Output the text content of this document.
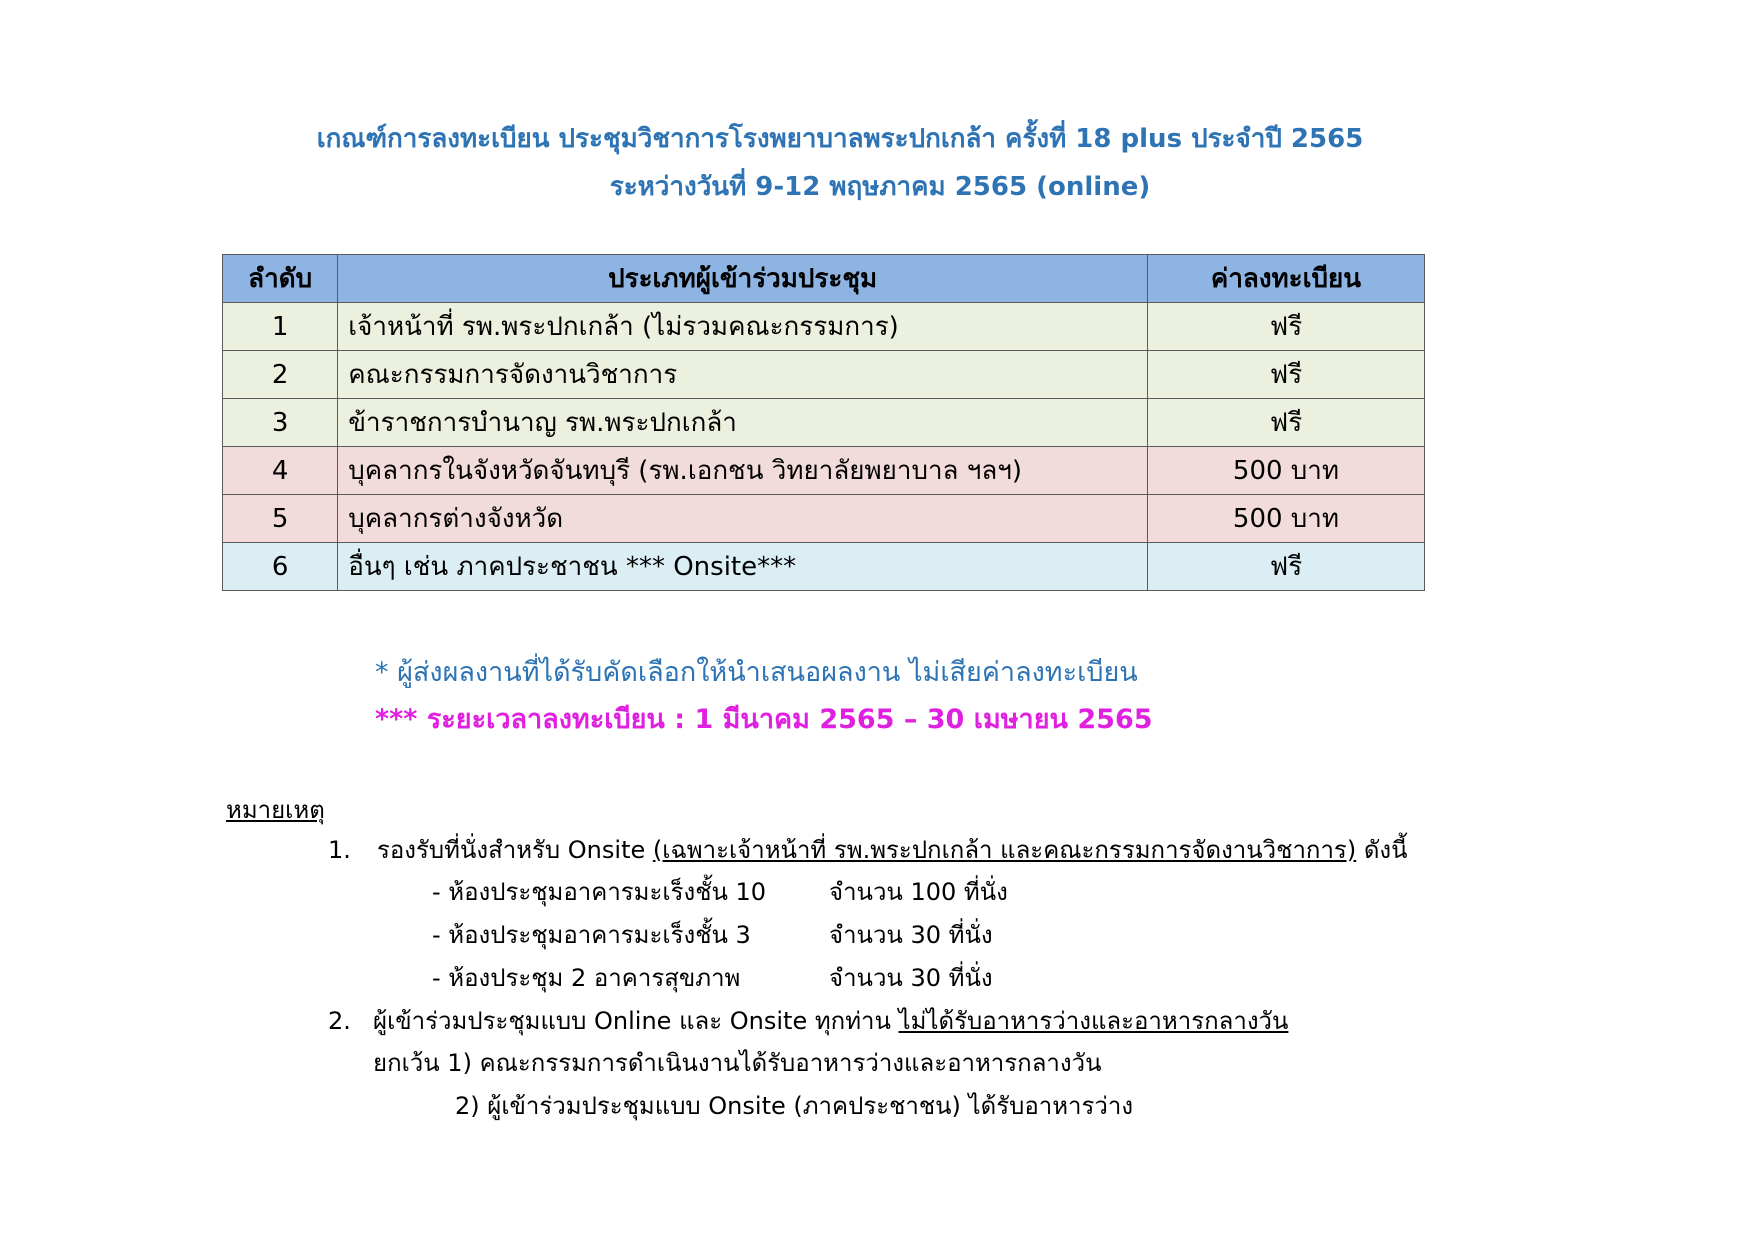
เกณฑ์การลงทะเบียน ประชุมวิชาการโรงพยาบาลพระปกเกล้า ครั้งที่ 18 plus ประจำปี 2565
ระหว่างวันที่ 9-12 พฤษภาคม 2565 (online)
ลำดับ	ประเภทผู้เข้าร่วมประชุม	ค่าลงทะเบียน
1	เจ้าหน้าที่ รพ.พระปกเกล้า (ไม่รวมคณะกรรมการ)	ฟรี
2	คณะกรรมการจัดงานวิชาการ	ฟรี
3	ข้าราชการบำนาญ รพ.พระปกเกล้า	ฟรี
4	บุคลากรในจังหวัดจันทบุรี (รพ.เอกชน วิทยาลัยพยาบาล ฯลฯ)	500 บาท
5	บุคลากรต่างจังหวัด	500 บาท
6	อื่นๆ เช่น ภาคประชาชน *** Onsite***	ฟรี
* ผู้ส่งผลงานที่ได้รับคัดเลือกให้นำเสนอผลงาน ไม่เสียค่าลงทะเบียน
*** ระยะเวลาลงทะเบียน : 1 มีนาคม 2565 – 30 เมษายน 2565
หมายเหตุ
1. รองรับที่นั่งสำหรับ Onsite (เฉพาะเจ้าหน้าที่ รพ.พระปกเกล้า และคณะกรรมการจัดงานวิชาการ) ดังนี้
- ห้องประชุมอาคารมะเร็งชั้น 10	จำนวน 100 ที่นั่ง
- ห้องประชุมอาคารมะเร็งชั้น 3	จำนวน 30 ที่นั่ง
- ห้องประชุม 2 อาคารสุขภาพ	จำนวน 30 ที่นั่ง
2. ผู้เข้าร่วมประชุมแบบ Online และ Onsite ทุกท่าน ไม่ได้รับอาหารว่างและอาหารกลางวัน
ยกเว้น 1) คณะกรรมการดำเนินงานได้รับอาหารว่างและอาหารกลางวัน
2) ผู้เข้าร่วมประชุมแบบ Onsite (ภาคประชาชน) ได้รับอาหารว่าง
